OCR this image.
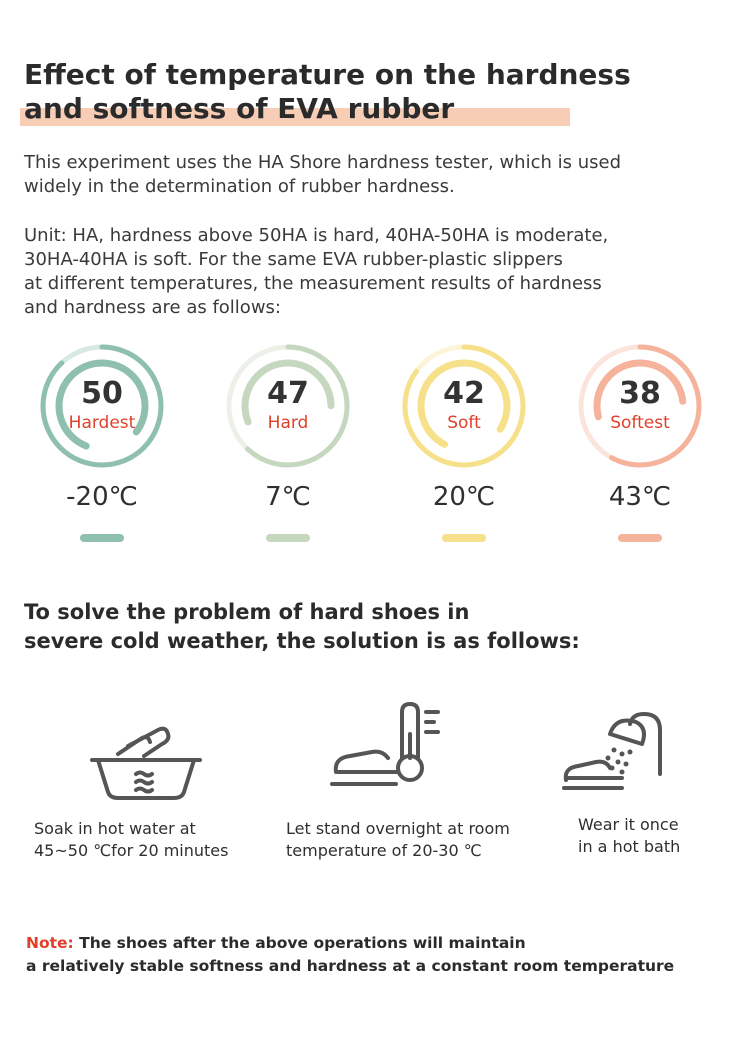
Effect of temperature on the hardness
and softness of EVA rubber

This experiment uses the HA Shore hardness tester, which is used
widely in the determination of rubber hardness.

Unit: HA, hardness above 50HA is hard, 40HA-50HA is moderate,
30HA-40HA is soft. For the same EVA rubber-plastic slippers
at different temperatures, the measurement results of hardness
and hardness are as follows:

50
Hardest
-20℃
47
Hard
7℃
42
Soft
20℃
38
Softest
43℃

To solve the problem of hard shoes in
severe cold weather, the solution is as follows:

Soak in hot water at
45~50 ℃for 20 minutes

Let stand overnight at room
temperature of 20-30 ℃

Wear it once
in a hot bath

Note: The shoes after the above operations will maintain
a relatively stable softness and hardness at a constant room temperature
